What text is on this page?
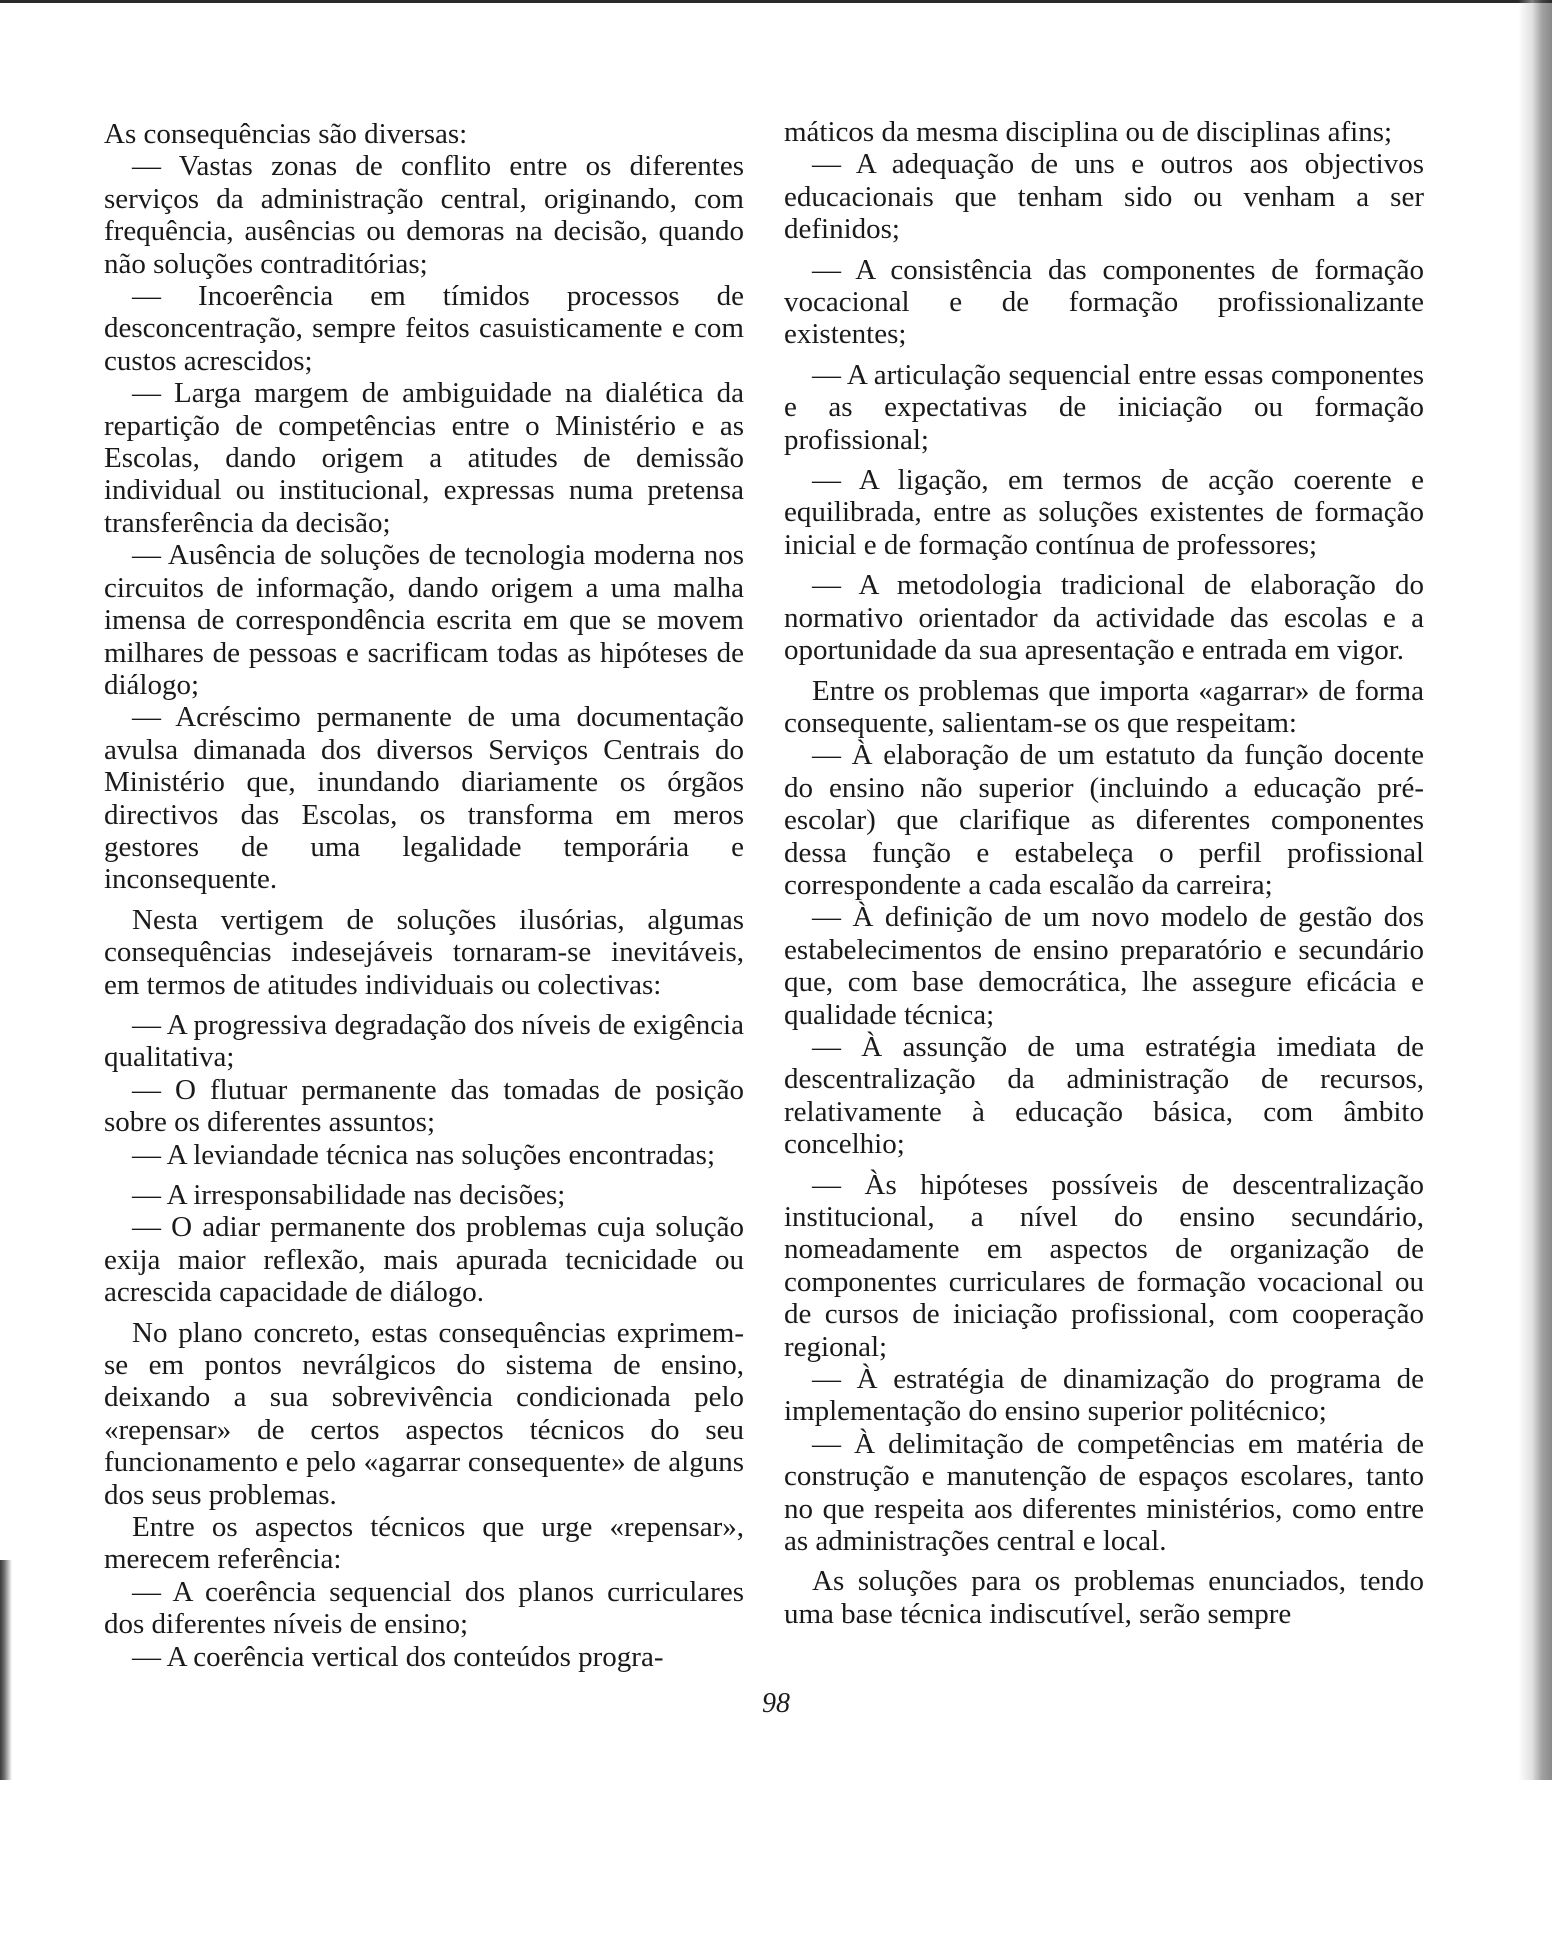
As consequências são diversas:

— Vastas zonas de conflito entre os diferentes serviços da administração central, originando, com frequência, ausências ou demoras na decisão, quando não soluções contraditórias;

— Incoerência em tímidos processos de desconcentração, sempre feitos casuisticamente e com custos acrescidos;

— Larga margem de ambiguidade na dialética da repartição de competências entre o Ministério e as Escolas, dando origem a atitudes de demissão individual ou institucional, expressas numa pretensa transferência da decisão;

— Ausência de soluções de tecnologia moderna nos circuitos de informação, dando origem a uma malha imensa de correspondência escrita em que se movem milhares de pessoas e sacrificam todas as hipóteses de diálogo;

— Acréscimo permanente de uma documentação avulsa dimanada dos diversos Serviços Centrais do Ministério que, inundando diariamente os órgãos directivos das Escolas, os transforma em meros gestores de uma legalidade temporária e inconsequente.

Nesta vertigem de soluções ilusórias, algumas consequências indesejáveis tornaram-se inevitáveis, em termos de atitudes individuais ou colectivas:

— A progressiva degradação dos níveis de exigência qualitativa;

— O flutuar permanente das tomadas de posição sobre os diferentes assuntos;

— A leviandade técnica nas soluções encontradas;

— A irresponsabilidade nas decisões;

— O adiar permanente dos problemas cuja solução exija maior reflexão, mais apurada tecnicidade ou acrescida capacidade de diálogo.

No plano concreto, estas consequências exprimem-se em pontos nevrálgicos do sistema de ensino, deixando a sua sobrevivência condicionada pelo «repensar» de certos aspectos técnicos do seu funcionamento e pelo «agarrar consequente» de alguns dos seus problemas.

Entre os aspectos técnicos que urge «repensar», merecem referência:

— A coerência sequencial dos planos curriculares dos diferentes níveis de ensino;

— A coerência vertical dos conteúdos progra-

máticos da mesma disciplina ou de disciplinas afins;

— A adequação de uns e outros aos objectivos educacionais que tenham sido ou venham a ser definidos;

— A consistência das componentes de formação vocacional e de formação profissionalizante existentes;

— A articulação sequencial entre essas componentes e as expectativas de iniciação ou formação profissional;

— A ligação, em termos de acção coerente e equilibrada, entre as soluções existentes de formação inicial e de formação contínua de professores;

— A metodologia tradicional de elaboração do normativo orientador da actividade das escolas e a oportunidade da sua apresentação e entrada em vigor.

Entre os problemas que importa «agarrar» de forma consequente, salientam-se os que respeitam:

— À elaboração de um estatuto da função docente do ensino não superior (incluindo a educação pré-escolar) que clarifique as diferentes componentes dessa função e estabeleça o perfil profissional correspondente a cada escalão da carreira;

— À definição de um novo modelo de gestão dos estabelecimentos de ensino preparatório e secundário que, com base democrática, lhe assegure eficácia e qualidade técnica;

— À assunção de uma estratégia imediata de descentralização da administração de recursos, relativamente à educação básica, com âmbito concelhio;

— Às hipóteses possíveis de descentralização institucional, a nível do ensino secundário, nomeadamente em aspectos de organização de componentes curriculares de formação vocacional ou de cursos de iniciação profissional, com cooperação regional;

— À estratégia de dinamização do programa de implementação do ensino superior politécnico;

— À delimitação de competências em matéria de construção e manutenção de espaços escolares, tanto no que respeita aos diferentes ministérios, como entre as administrações central e local.

As soluções para os problemas enunciados, tendo uma base técnica indiscutível, serão sempre

98
